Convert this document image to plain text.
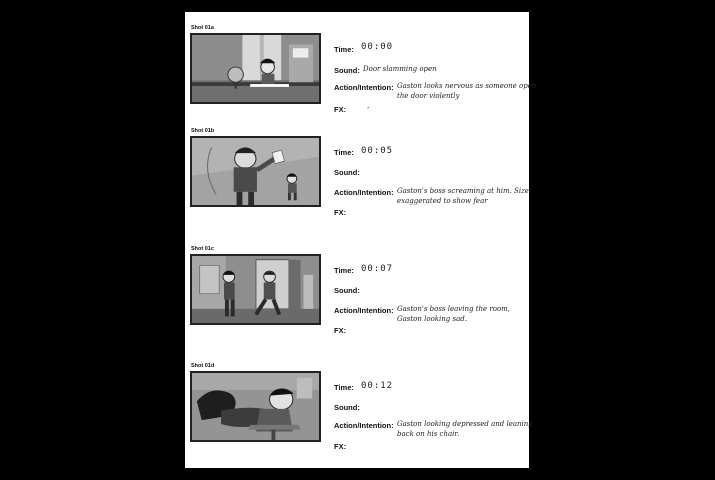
Shot 01a
Time: 00:00
Sound: Door slamming open
Action/Intention: Gaston looks nervous as someone open the door violently
FX:	-
Shot 01b
Time: 00:05
Sound:
Action/Intention: Gaston's boss screaming at him. Size exaggerated to show fear
FX:
Shot 01c
Time: 00:07
Sound:
Action/Intention: Gaston's boss leaving the room, Gaston looking sad.
FX:
Shot 01d
Time: 00:12
Sound:
Action/Intention: Gaston looking depressed and leaning back on his chair.
FX:
